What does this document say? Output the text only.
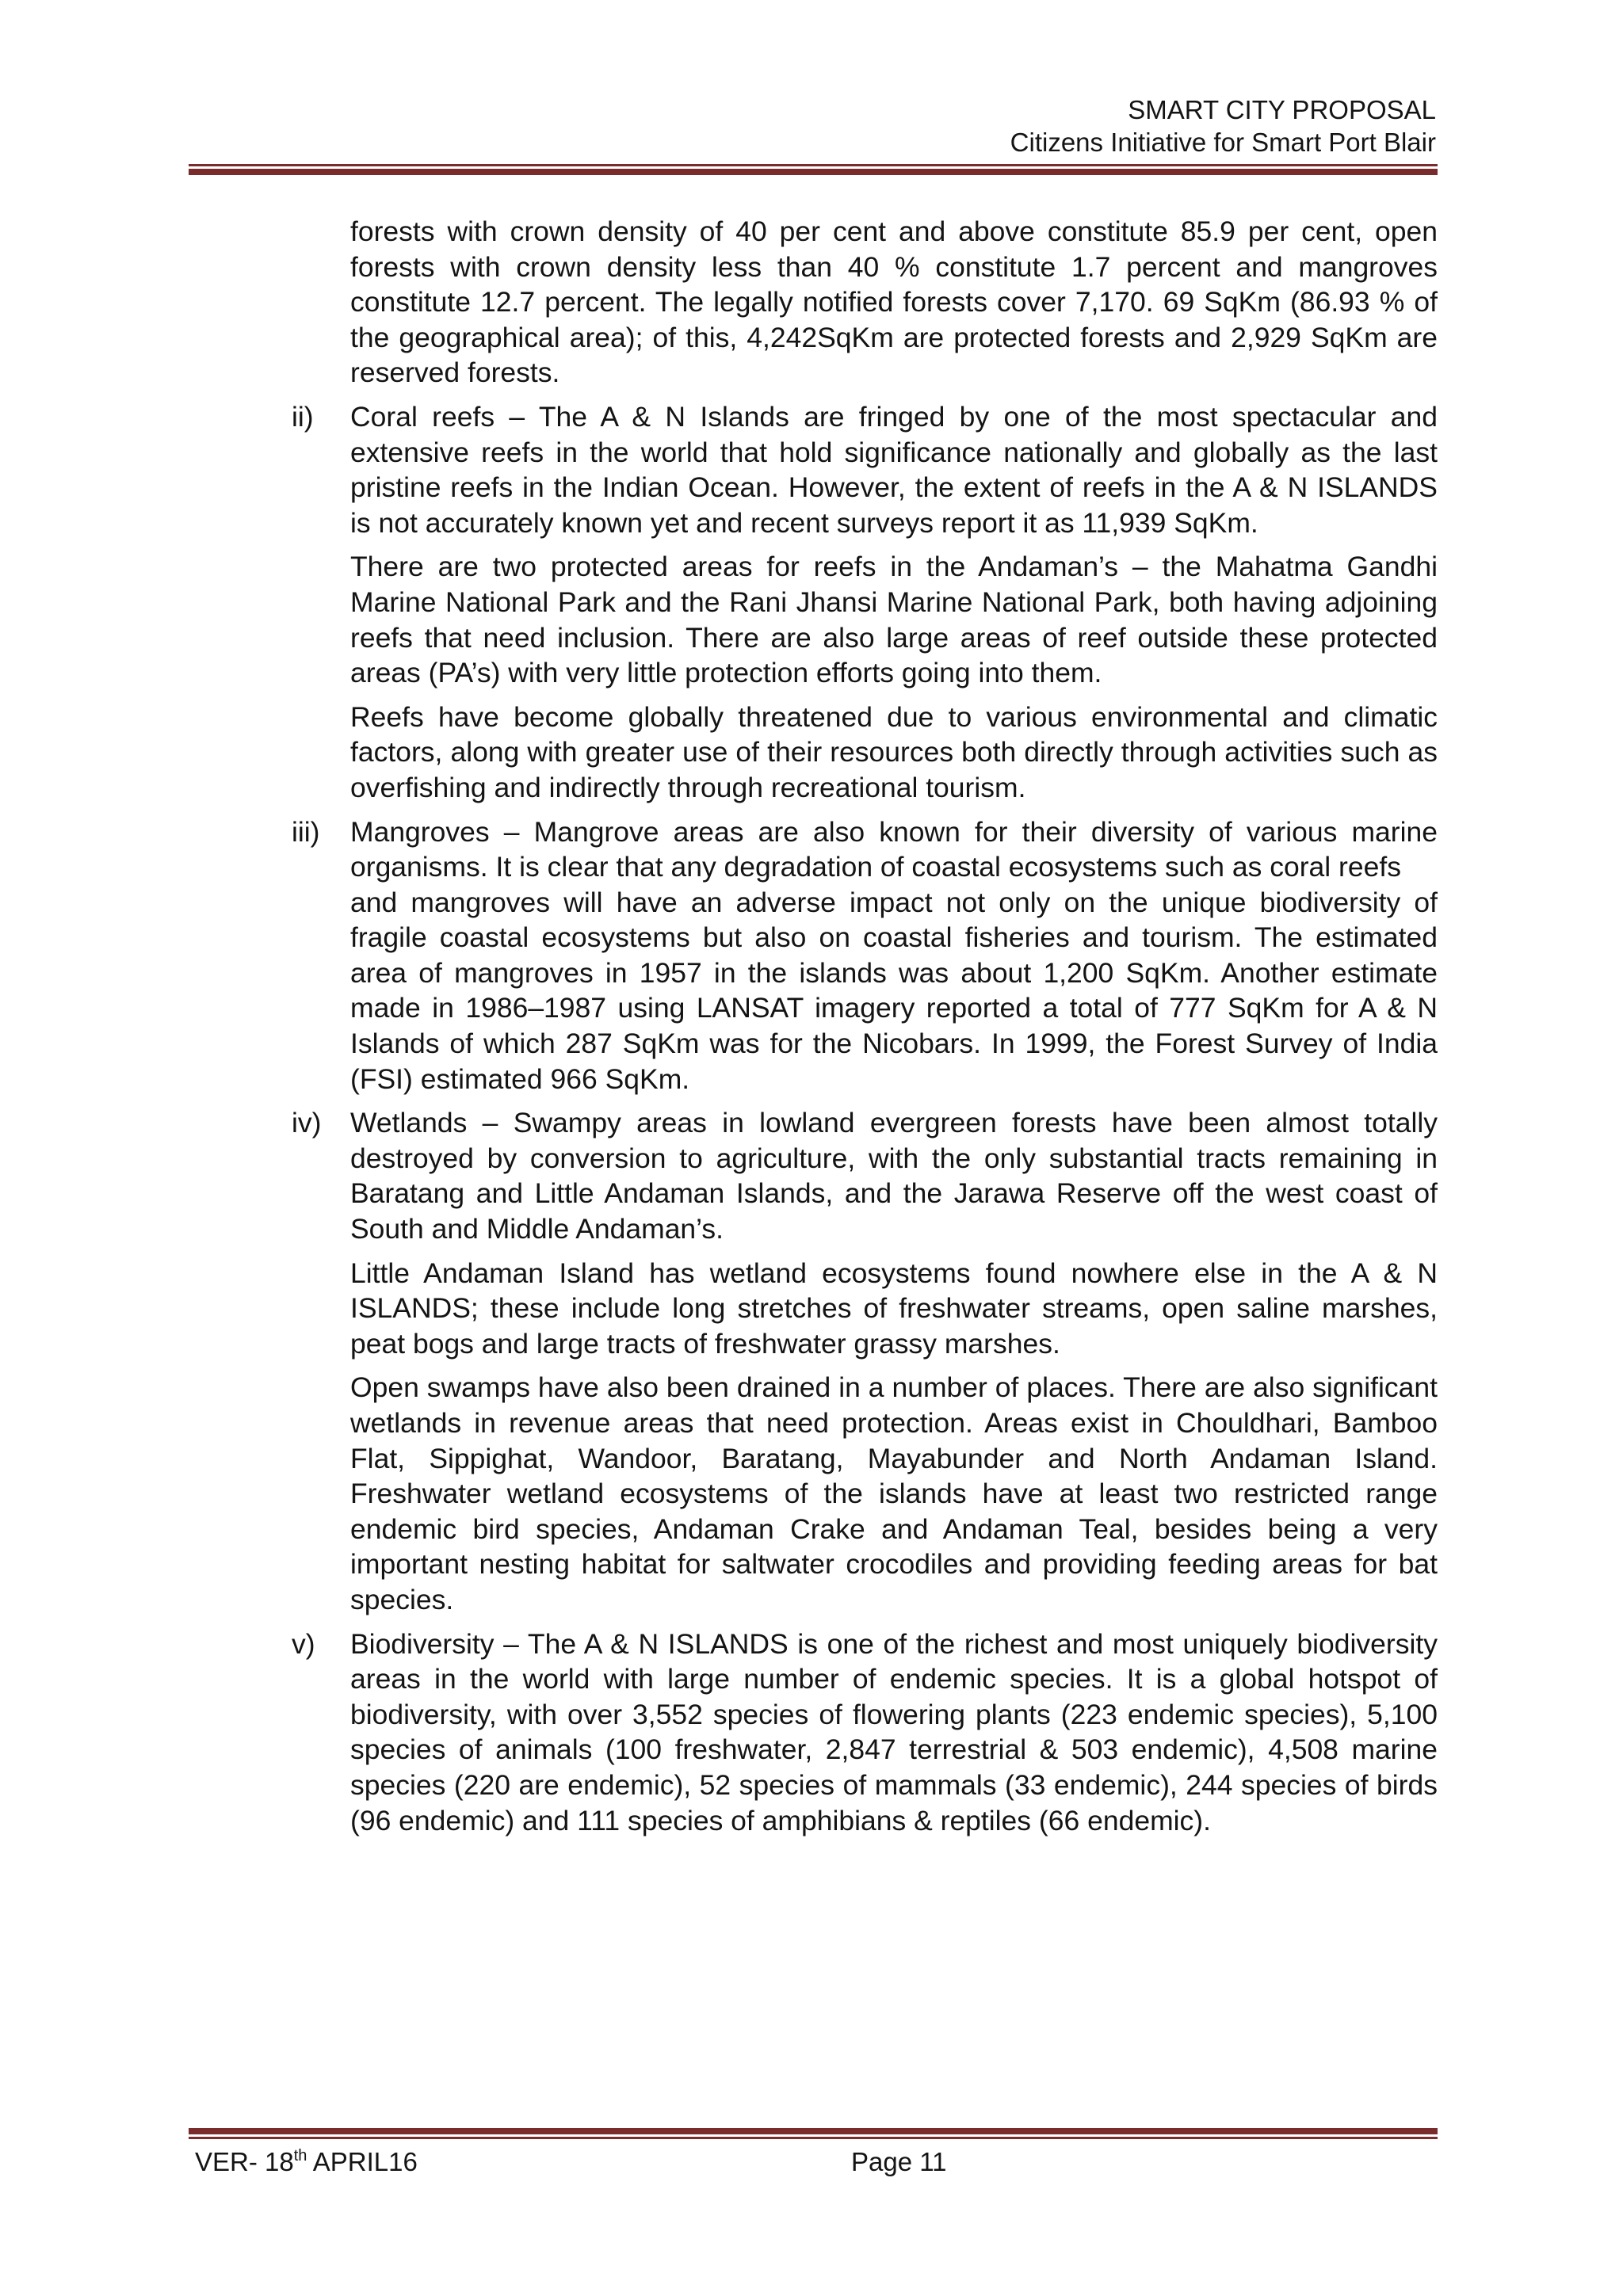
SMART CITY PROPOSAL
Citizens Initiative for Smart Port Blair

forests with crown density of 40 per cent and above constitute 85.9 per cent, open forests with crown density less than 40 % constitute 1.7 percent and mangroves constitute 12.7 percent. The legally notified forests cover 7,170. 69 SqKm (86.93 % of the geographical area); of this, 4,242SqKm are protected forests and 2,929 SqKm are reserved forests.

ii) Coral reefs – The A & N Islands are fringed by one of the most spectacular and extensive reefs in the world that hold significance nationally and globally as the last pristine reefs in the Indian Ocean. However, the extent of reefs in the A & N ISLANDS is not accurately known yet and recent surveys report it as 11,939 SqKm.

There are two protected areas for reefs in the Andaman’s – the Mahatma Gandhi Marine National Park and the Rani Jhansi Marine National Park, both having adjoining reefs that need inclusion. There are also large areas of reef outside these protected areas (PA’s) with very little protection efforts going into them.

Reefs have become globally threatened due to various environmental and climatic factors, along with greater use of their resources both directly through activities such as overfishing and indirectly through recreational tourism.

iii) Mangroves – Mangrove areas are also known for their diversity of various marine organisms. It is clear that any degradation of coastal ecosystems such as coral reefs

and mangroves will have an adverse impact not only on the unique biodiversity of fragile coastal ecosystems but also on coastal fisheries and tourism. The estimated area of mangroves in 1957 in the islands was about 1,200 SqKm. Another estimate made in 1986–1987 using LANSAT imagery reported a total of 777 SqKm for A & N Islands of which 287 SqKm was for the Nicobars. In 1999, the Forest Survey of India (FSI) estimated 966 SqKm.

iv) Wetlands – Swampy areas in lowland evergreen forests have been almost totally destroyed by conversion to agriculture, with the only substantial tracts remaining in Baratang and Little Andaman Islands, and the Jarawa Reserve off the west coast of South and Middle Andaman’s.

Little Andaman Island has wetland ecosystems found nowhere else in the A & N ISLANDS; these include long stretches of freshwater streams, open saline marshes, peat bogs and large tracts of freshwater grassy marshes.

Open swamps have also been drained in a number of places. There are also significant wetlands in revenue areas that need protection. Areas exist in Chouldhari, Bamboo Flat, Sippighat, Wandoor, Baratang, Mayabunder and North Andaman Island. Freshwater wetland ecosystems of the islands have at least two restricted range endemic bird species, Andaman Crake and Andaman Teal, besides being a very important nesting habitat for saltwater crocodiles and providing feeding areas for bat species.

v) Biodiversity – The A & N ISLANDS is one of the richest and most uniquely biodiversity areas in the world with large number of endemic species. It is a global hotspot of biodiversity, with over 3,552 species of flowering plants (223 endemic species), 5,100 species of animals (100 freshwater, 2,847 terrestrial & 503 endemic), 4,508 marine species (220 are endemic), 52 species of mammals (33 endemic), 244 species of birds (96 endemic) and 111 species of amphibians & reptiles (66 endemic).

VER- 18th APRIL16	Page 11
